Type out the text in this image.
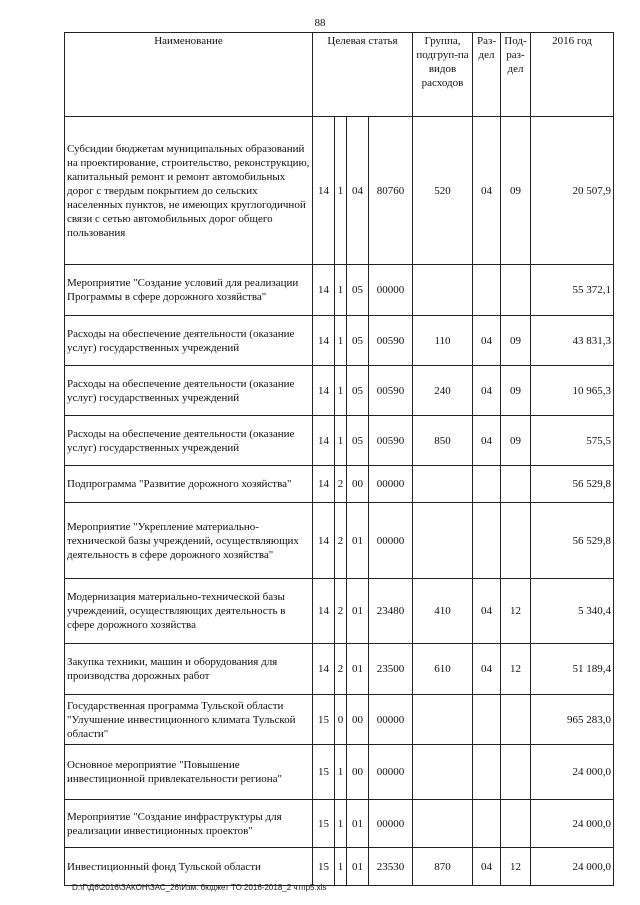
88
Наименование	Целевая статья				Группа, подгруп-па видов расходов	Раз-дел	Под-раз-дел	2016 год
Субсидии бюджетам муниципальных образований на проектирование, строительство, реконструкцию, капитальный ремонт и ремонт автомобильных дорог с твердым покрытием до сельских населенных пунктов, не имеющих круглогодичной связи с сетью автомобильных дорог общего пользования	14	1	04	80760	520	04	09	20 507,9
Мероприятие "Создание условий для реализации Программы в сфере дорожного хозяйства"	14	1	05	00000				55 372,1
Расходы на обеспечение деятельности (оказание услуг) государственных учреждений	14	1	05	00590	110	04	09	43 831,3
Расходы на обеспечение деятельности (оказание услуг) государственных учреждений	14	1	05	00590	240	04	09	10 965,3
Расходы на обеспечение деятельности (оказание услуг) государственных учреждений	14	1	05	00590	850	04	09	575,5
Подпрограмма "Развитие дорожного хозяйства"	14	2	00	00000				56 529,8
Мероприятие "Укрепление материально-технической базы учреждений, осуществляющих деятельность в сфере дорожного хозяйства"	14	2	01	00000				56 529,8
Модернизация материально-технической базы учреждений, осуществляющих деятельность в сфере дорожного хозяйства	14	2	01	23480	410	04	12	5 340,4
Закупка техники, машин и оборудования для производства дорожных работ	14	2	01	23500	610	04	12	51 189,4
Государственная программа Тульской области "Улучшение инвестиционного климата Тульской области"	15	0	00	00000				965 283,0
Основное мероприятие "Повышение инвестиционной привлекательности региона"	15	1	00	00000				24 000,0
Мероприятие "Создание инфраструктуры для реализации инвестиционных проектов"	15	1	01	00000				24 000,0
Инвестиционный фонд Тульской области	15	1	01	23530	870	04	12	24 000,0
D:\Г\Д6\2016\ЗАКОН\ЗАС_26\Изм. бюджет ТО 2016-2018_2 чтпр5.xls
